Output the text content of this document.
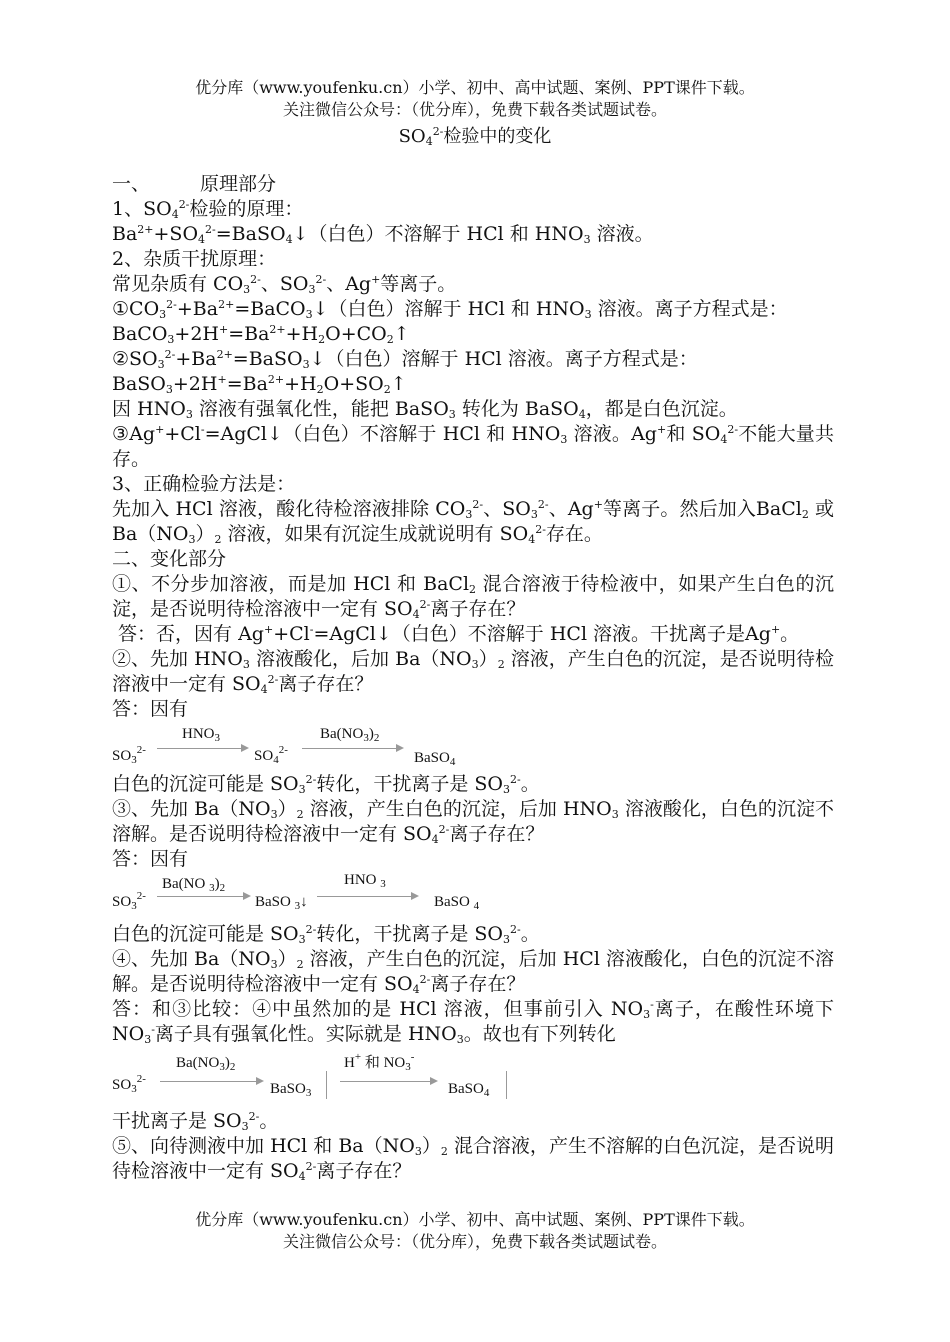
优分库（www.youfenku.cn）小学、初中、高中试题、案例、PPT课件下载。
关注微信公众号：（优分库），免费下载各类试题试卷。
$SO_4^{2-}$检验中的变化

一、	原理部分

1、$SO_4^{2-}$检验的原理：

$Ba^{2+}+SO_4^{2-}=BaSO_4↓$（白色）不溶解于 HCl 和 $HNO_3$ 溶液。

2、杂质干扰原理：

常见杂质有 $CO_3^{2-}$、$SO_3^{2-}$、Ag+等离子。

$①CO_3^{2-}+Ba^{2+}=BaCO_3↓$（白色）溶解于 HCl 和 $HNO_3$ 溶液。离子方程式是：

$BaCO_3+2H^+=Ba^{2+}+H_2O+CO_2↑$

$②SO_3^{2-}+Ba^{2+}=BaSO_3↓$（白色）溶解于 HCl 溶液。离子方程式是：

$BaSO_3+2H^+=Ba^{2+}+H_2O+SO_2↑$

因 $HNO_3$ 溶液有强氧化性，能把 BaSO$_3$ 转化为 BaSO$_4$，都是白色沉淀。

③Ag++Cl-=AgCl↓（白色）不溶解于 HCl 和 $HNO_3$ 溶液。Ag+和 $SO_4^{2-}$不能大量共存。

3、正确检验方法是：

先加入 HCl 溶液，酸化待检溶液排除 $CO_3^{2-}$、$SO_3^{2-}$、Ag+等离子。然后加入BaCl$_2$ 或 $Ba(NO_3)_2$ 溶液，如果有沉淀生成就说明有 $SO_4^{2-}$存在。

二、变化部分

①、不分步加溶液，而是加 HCl 和 BaCl$_2$ 混合溶液于待检液中，如果产生白色的沉淀，是否说明待检溶液中一定有 $SO_4^{2-}$离子存在？

答：否，因有 Ag++Cl-=AgCl↓（白色）不溶解于 HCl 溶液。干扰离子是Ag+。

②、先加 $HNO_3$ 溶液酸化，后加 $Ba(NO_3)_2$ 溶液，产生白色的沉淀，是否说明待检溶液中一定有 $SO_4^{2-}$离子存在？

答：因有

$SO_3^{2-}$
$HNO_3$
$SO_4^{2-}$
$Ba(NO_3)_2$
BaSO$_4$

白色的沉淀可能是 $SO_3^{2-}$转化，干扰离子是 $SO_3^{2-}$。

③、先加 $Ba(NO_3)_2$ 溶液，产生白色的沉淀，后加 $HNO_3$ 溶液酸化，白色的沉淀不溶解。是否说明待检溶液中一定有 $SO_4^{2-}$离子存在？

答：因有

$SO_3^{2-}$
Ba(NO $_3)_2$
BaSO $_3$↓
HNO $_3$
BaSO $_4$

白色的沉淀可能是 $SO_3^{2-}$转化，干扰离子是 $SO_3^{2-}$。

④、先加 $Ba(NO_3)_2$ 溶液，产生白色的沉淀，后加 HCl 溶液酸化，白色的沉淀不溶解。是否说明待检溶液中一定有 $SO_4^{2-}$离子存在？

答：和③比较：④中虽然加的是 HCl 溶液，但事前引入 $NO_3^-$离子，在酸性环境下 $NO_3^-$离子具有强氧化性。实际就是 $HNO_3$。故也有下列转化

$SO_3^{2-}$
$Ba(NO_3)_2$
BaSO$_3$
H+ 和 $NO_3^-$
BaSO$_4$

干扰离子是 $SO_3^{2-}$。

⑤、向待测液中加 HCl 和 $Ba(NO_3)_2$ 混合溶液，产生不溶解的白色沉淀，是否说明待检溶液中一定有 $SO_4^{2-}$离子存在？

优分库（www.youfenku.cn）小学、初中、高中试题、案例、PPT课件下载。
关注微信公众号：（优分库），免费下载各类试题试卷。
